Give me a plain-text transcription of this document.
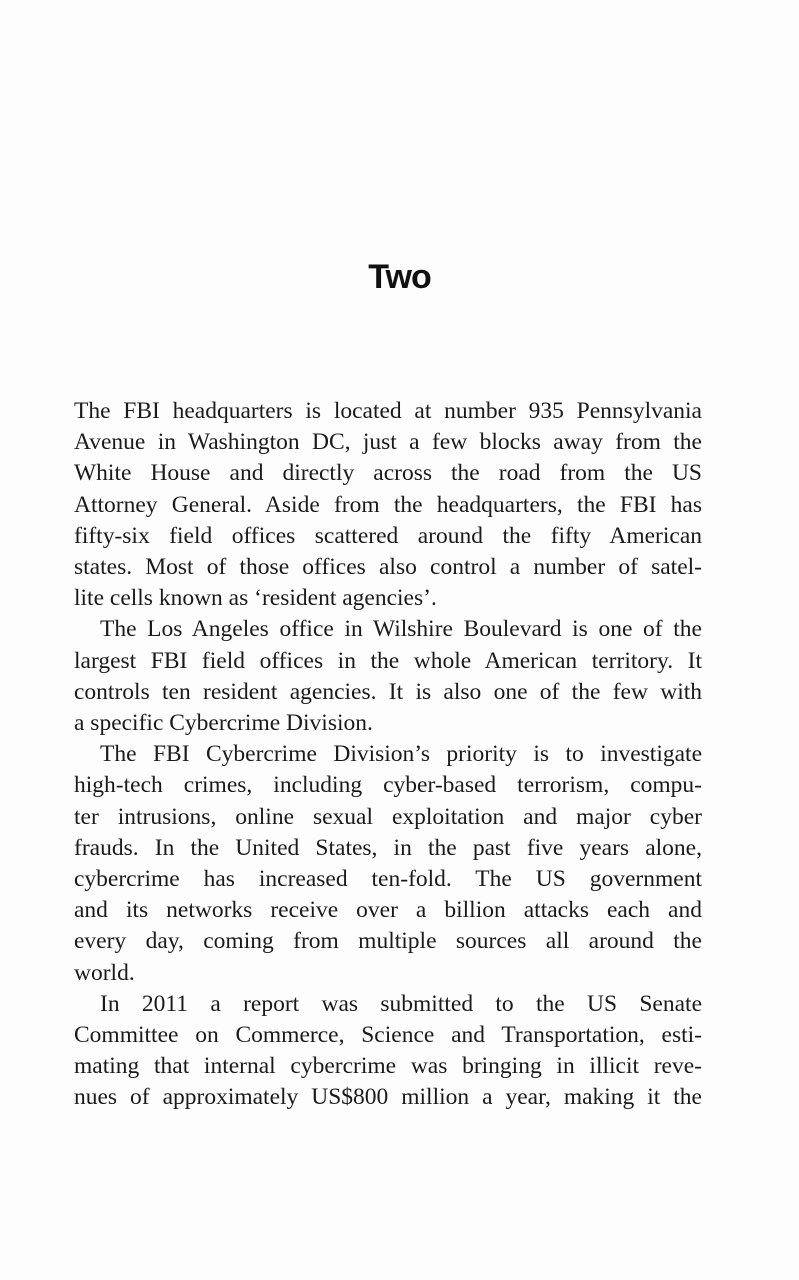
Two
The FBI headquarters is located at number 935 Pennsylvania
Avenue in Washington DC, just a few blocks away from the
White House and directly across the road from the US
Attorney General. Aside from the headquarters, the FBI has
fifty-six field offices scattered around the fifty American
states. Most of those offices also control a number of satel-
lite cells known as ‘resident agencies’.
The Los Angeles office in Wilshire Boulevard is one of the
largest FBI field offices in the whole American territory. It
controls ten resident agencies. It is also one of the few with
a specific Cybercrime Division.
The FBI Cybercrime Division’s priority is to investigate
high-tech crimes, including cyber-based terrorism, compu-
ter intrusions, online sexual exploitation and major cyber
frauds. In the United States, in the past five years alone,
cybercrime has increased ten-fold. The US government
and its networks receive over a billion attacks each and
every day, coming from multiple sources all around the
world.
In 2011 a report was submitted to the US Senate
Committee on Commerce, Science and Transportation, esti-
mating that internal cybercrime was bringing in illicit reve-
nues of approximately US$800 million a year, making it the
